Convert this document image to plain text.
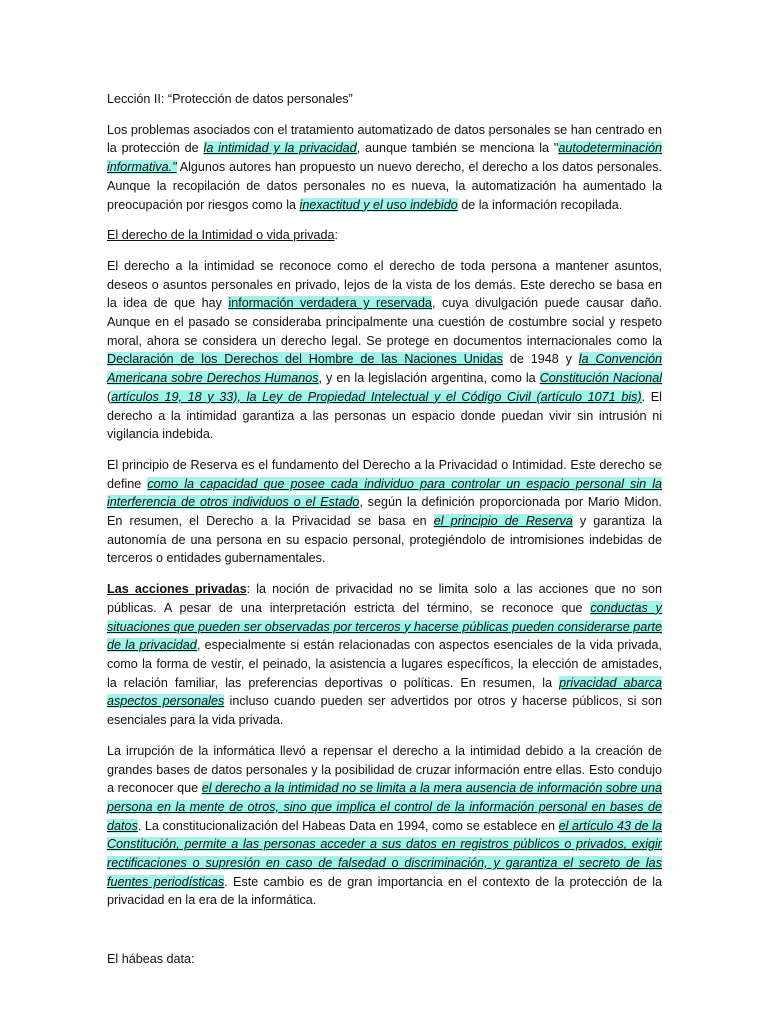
Lección II: “Protección de datos personales”

Los problemas asociados con el tratamiento automatizado de datos personales se han centrado en la protección de la intimidad y la privacidad, aunque también se menciona la "autodeterminación informativa." Algunos autores han propuesto un nuevo derecho, el derecho a los datos personales. Aunque la recopilación de datos personales no es nueva, la automatización ha aumentado la preocupación por riesgos como la inexactitud y el uso indebido de la información recopilada.

El derecho de la Intimidad o vida privada:

El derecho a la intimidad se reconoce como el derecho de toda persona a mantener asuntos, deseos o asuntos personales en privado, lejos de la vista de los demás. Este derecho se basa en la idea de que hay información verdadera y reservada, cuya divulgación puede causar daño. Aunque en el pasado se consideraba principalmente una cuestión de costumbre social y respeto moral, ahora se considera un derecho legal. Se protege en documentos internacionales como la Declaración de los Derechos del Hombre de las Naciones Unidas de 1948 y la Convención Americana sobre Derechos Humanos, y en la legislación argentina, como la Constitución Nacional (artículos 19, 18 y 33), la Ley de Propiedad Intelectual y el Código Civil (artículo 1071 bis). El derecho a la intimidad garantiza a las personas un espacio donde puedan vivir sin intrusión ni vigilancia indebida.

El principio de Reserva es el fundamento del Derecho a la Privacidad o Intimidad. Este derecho se define como la capacidad que posee cada individuo para controlar un espacio personal sin la interferencia de otros individuos o el Estado, según la definición proporcionada por Mario Midon. En resumen, el Derecho a la Privacidad se basa en el principio de Reserva y garantiza la autonomía de una persona en su espacio personal, protegiéndolo de intromisiones indebidas de terceros o entidades gubernamentales.

Las acciones privadas: la noción de privacidad no se limita solo a las acciones que no son públicas. A pesar de una interpretación estricta del término, se reconoce que conductas y situaciones que pueden ser observadas por terceros y hacerse públicas pueden considerarse parte de la privacidad, especialmente si están relacionadas con aspectos esenciales de la vida privada, como la forma de vestir, el peinado, la asistencia a lugares específicos, la elección de amistades, la relación familiar, las preferencias deportivas o políticas. En resumen, la privacidad abarca aspectos personales incluso cuando pueden ser advertidos por otros y hacerse públicos, si son esenciales para la vida privada.

La irrupción de la informática llevó a repensar el derecho a la intimidad debido a la creación de grandes bases de datos personales y la posibilidad de cruzar información entre ellas. Esto condujo a reconocer que el derecho a la intimidad no se limita a la mera ausencia de información sobre una persona en la mente de otros, sino que implica el control de la información personal en bases de datos. La constitucionalización del Habeas Data en 1994, como se establece en el artículo 43 de la Constitución, permite a las personas acceder a sus datos en registros públicos o privados, exigir rectificaciones o supresión en caso de falsedad o discriminación, y garantiza el secreto de las fuentes periodísticas. Este cambio es de gran importancia en el contexto de la protección de la privacidad en la era de la informática.

El hábeas data:
